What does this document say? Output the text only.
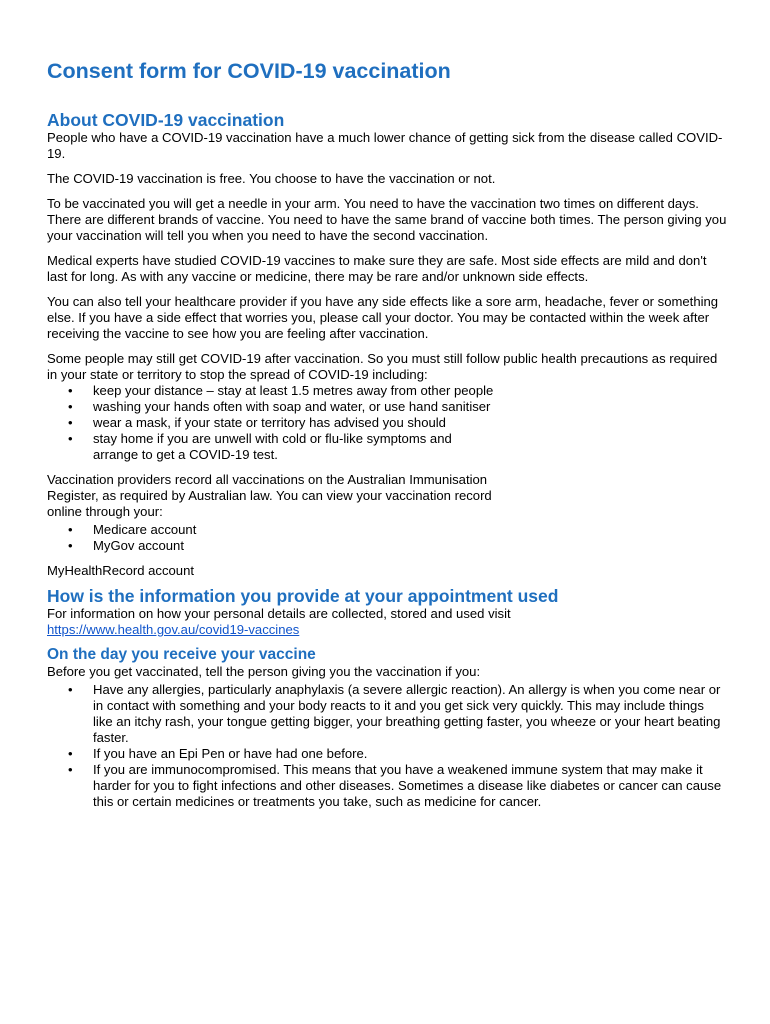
Consent form for COVID-19 vaccination
About COVID-19 vaccination

People who have a COVID-19 vaccination have a much lower chance of getting sick from the disease called COVID-19.

The COVID-19 vaccination is free. You choose to have the vaccination or not.

To be vaccinated you will get a needle in your arm. You need to have the vaccination two times on different days. There are different brands of vaccine. You need to have the same brand of vaccine both times. The person giving you your vaccination will tell you when you need to have the second vaccination.

Medical experts have studied COVID-19 vaccines to make sure they are safe. Most side effects are mild and don't last for long. As with any vaccine or medicine, there may be rare and/or unknown side effects.

You can also tell your healthcare provider if you have any side effects like a sore arm, headache, fever or something else. If you have a side effect that worries you, please call your doctor. You may be contacted within the week after receiving the vaccine to see how you are feeling after vaccination.

Some people may still get COVID-19 after vaccination. So you must still follow public health precautions as required in your state or territory to stop the spread of COVID-19 including:

• keep your distance – stay at least 1.5 metres away from other people
• washing your hands often with soap and water, or use hand sanitiser
• wear a mask, if your state or territory has advised you should
• stay home if you are unwell with cold or flu-like symptoms and arrange to get a COVID-19 test.

Vaccination providers record all vaccinations on the Australian Immunisation Register, as required by Australian law. You can view your vaccination record online through your:

• Medicare account
• MyGov account

MyHealthRecord account

How is the information you provide at your appointment used

For information on how your personal details are collected, stored and used visit

https://www.health.gov.au/covid19-vaccines

On the day you receive your vaccine

Before you get vaccinated, tell the person giving you the vaccination if you:

• Have any allergies, particularly anaphylaxis (a severe allergic reaction). An allergy is when you come near or in contact with something and your body reacts to it and you get sick very quickly. This may include things like an itchy rash, your tongue getting bigger, your breathing getting faster, you wheeze or your heart beating faster.
• If you have an Epi Pen or have had one before.
• If you are immunocompromised. This means that you have a weakened immune system that may make it harder for you to fight infections and other diseases. Sometimes a disease like diabetes or cancer can cause this or certain medicines or treatments you take, such as medicine for cancer.
